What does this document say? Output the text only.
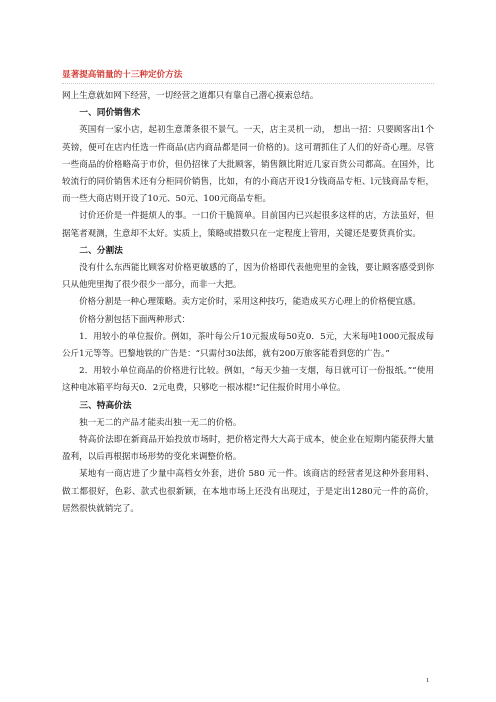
显著提高销量的十三种定价方法

网上生意就如网下经营，一切经营之道都只有靠自己潜心摸索总结。

一、同价销售术

英国有一家小店，起初生意萧条很不景气。一天，店主灵机一动， 想出一招：只要顾客出1个英镑，便可在店内任选一件商品(店内商品都是同一价格的)。这可谓抓住了人们的好奇心理。尽管一些商品的价格略高于市价，但仍招徕了大批顾客，销售额比附近几家百货公司都高。在国外，比较流行的同价销售术还有分柜同价销售，比如，有的小商店开设1分钱商品专柜、l元钱商品专柜，而一些大商店则开设了10元、50元、100元商品专柜。

讨价还价是一件挺烦人的事。一口价干脆简单。目前国内已兴起很多这样的店，方法虽好，但据笔者观测，生意却不太好。实质上，策略或措数只在一定程度上管用，关键还是要货真价实。

二、分割法

没有什么东西能比顾客对价格更敏感的了，因为价格即代表他兜里的金钱，要让顾客感受到你只从他兜里掏了很少很少一部分，而非一大把。

价格分割是一种心理策略。卖方定价时，采用这种技巧，能造成买方心理上的价格便宜感。

价格分割包括下面两种形式：

1．用较小的单位报价。例如，茶叶每公斤10元报成每50克0．5元，大米每吨1000元报成每公斤1元等等。巴黎地铁的广告是：“只需付30法郎，就有200万旅客能看到您的广告。”

2．用较小单位商品的价格进行比较。例如，“每天少抽一支烟，每日就可订一份报纸。”“使用这种电冰箱平均每天0．2元电费，只够吃一根冰棍!”记住报价时用小单位。

三、特高价法

独一无二的产品才能卖出独一无二的价格。

特高价法即在新商品开始投放市场时，把价格定得大大高于成本，使企业在短期内能获得大量盈利，以后再根据市场形势的变化来调整价格。

某地有一商店进了少量中高档女外套，进价 580 元一件。该商店的经营者见这种外套用料、做工都很好，色彩、款式也很新颖，在本地市场上还没有出现过，于是定出1280元一件的高价，居然很快就销完了。

1
